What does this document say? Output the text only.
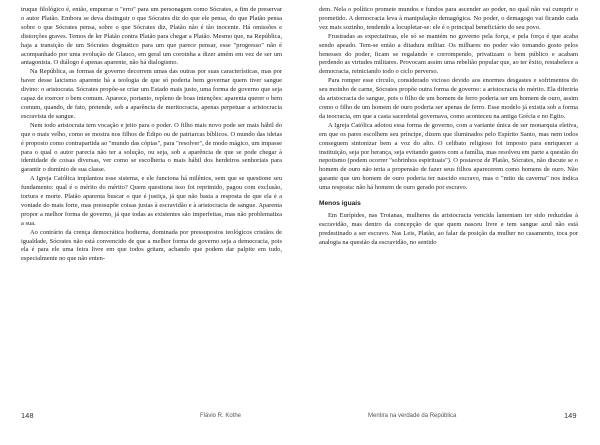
truque filológico é, então, empurrar o "erro" para um personagem como Sócrates, a fim de preservar o autor Platão. Embora se deva distinguir o que Sócrates diz do que ele pensa, do que Platão pensa sobre o que Sócrates pensa, sobre o que Sócrates diz, Platão não é tão inocente. Há omissões e distorções graves. Temos de ler Platão contra Platão para chegar a Platão. Mesmo que, na República, haja a transição de um Sócrates dogmático para um que parece pensar, esse "progresso" não é acompanhado por uma evolução de Glauco, em geral um coroinha a dizer amém em vez de ser um antagonista. O diálogo é apenas aparente, não há dialogismo.

Na República, as formas de governo decorrem umas das outras por suas características, mas por haver desse laicismo aparente há a teologia de que só poderia bem governar quem tiver sangue divino: o aristocrata. Sócrates propõe-se criar um Estado mais justo, uma forma de governo que seja capaz de exercer o bem comum. Aparece, portanto, repleno de boas intenções: aparenta querer o bem comum, quando, de fato, pretende, sob a aparência de meritocracia, apenas perpetuar a aristocracia escravista de sangue.

Nem todo aristocrata tem vocação e jeito para o poder. O filho mais novo pode ser mais hábil do que o mais velho, como se mostra nos filhos de Édipo ou de patriarcas bíblicos. O mundo das ideias é proposto como contrapartida ao "mundo das cópias", para "resolver", de modo mágico, um impasse para o qual o autor parecia não ter a solução, ou seja, sob a aparência de que se pode chegar à identidade de coisas diversas, ver como se escolheria o mais hábil dos herdeiros senhoriais para garantir o domínio de sua classe.

A Igreja Católica implantou esse sistema, e ele funciona há milênios, sem que se questione seu fundamento: qual é o mérito do mérito? Quem questiona isso foi reprimido, pagou com exclusão, tortura e morte. Platão aparenta buscar o que é justiça, já que não basta a resposta de que ela é a vontade do mais forte, mas pressupõe coisas justas à escravidão e à aristocracia de sangue. Aparenta propor a melhor forma de governo, já que todas as existentes são imperfeitas, mas não problematiza a sua.

Ao contrário da crença democrática hodierna, dominada por pressupostos teológicos cristãos de igualdade, Sócrates não está convencido de que a melhor forma de governo seja a democracia, pois ela é para ele uma feira livre em que todos gritam, achando que podem dar palpite em tudo, especialmente no que não enten-

148	Flávio R. Kothe

dem. Nela o político promete mundos e fundos para ascender ao poder, no qual não vai cumprir o prometido. A democracia leva à manipulação demagógica. No poder, o demagogo vai ficando cada vez mais sozinho, tendendo a locupletar-se: ele é o principal beneficiário do seu povo.

Frustradas as expectativas, ele só se mantém no governo pela força, e pela força é que acaba sendo apeado. Tem-se então a ditadura militar. Os milhares no poder vão tomando gosto pelos benesses do poder, ficam se regalando e corrompendo, privatizam o bem público e acabam perdendo as virtudes militares. Provocam assim uma rebelião popular que, ao ter êxito, restabelece a democracia, reiniciando todo o ciclo perverso.

Para romper esse círculo, considerado vicioso devido aos enormes desgastes e sofrimentos do seu moinho de carne, Sócrates propõe outra forma de governo: a aristocracia do mérito. Ela diferiria da aristocracia do sangue, pois o filho de um homem de ferro poderia ser um homem de ouro, assim como o filho de um homem de ouro poderia ser apenas de ferro. Esse modelo já existia sob a forma da teocracia, em que a casta sacerdotal governava, como aconteceu na antiga Grécia e no Egito.

A Igreja Católica adotou essa forma de governo, com a variante única de ser monarquia eletiva, em que os pares escolhem seu príncipe, dizem que iluminados pelo Espírito Santo, mas nem todos conseguem sintonizar bem a voz do alto. O celibato religioso foi imposto para enriquecer a instituição, seja por herança, seja evitando gastos com a família, mas resolveu em parte a questão do nepotismo (podem ocorrer "sobrinhos espirituais"). O postavoz de Platão, Sócrates, não discute se o homem de ouro não teria a propensão de fazer seus filhos aparecerem como homens de ouro. Não garante que um homem de ouro poderia ter nascido escravo, mas o "mito da caverna" nos indica uma resposta: não há homem de ouro gerado por escravo.

Menos iguais

Em Eurípides, nas Troianas, mulheres da aristocracia vencida lamentam ter sido reduzidas à escravidão, mas dentro da concepção de que quem nasceu livre e tem sangue azul não está predestinado a ser escravo. Nas Leis, Platão, ao falar da posição da mulher no casamento, toca por analogia na questão da escravidão, no sentido

Mentira na verdade da República	149
